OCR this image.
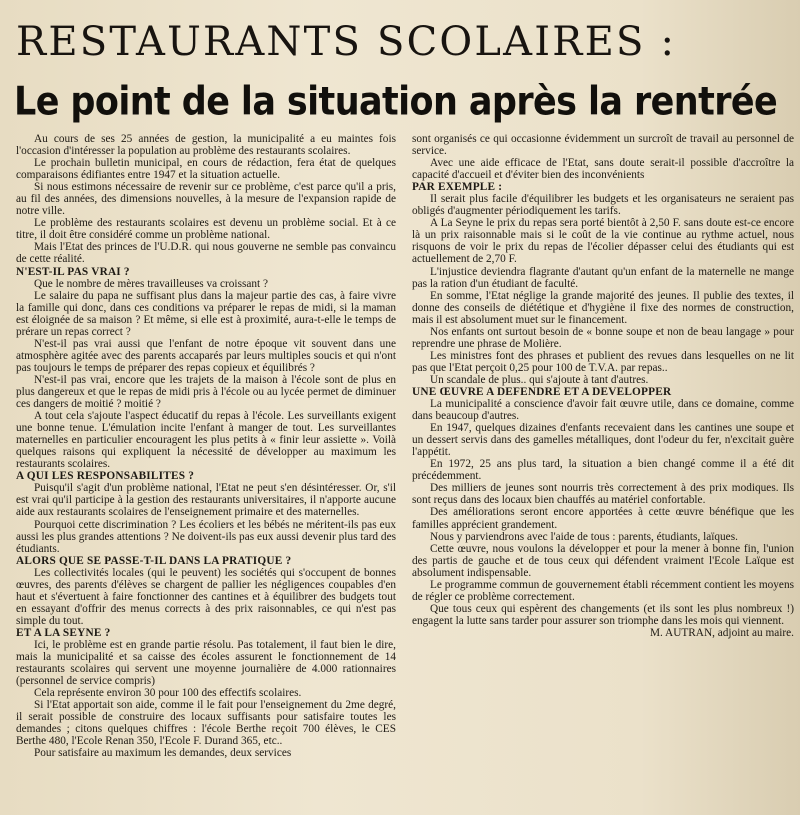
RESTAURANTS SCOLAIRES :
Le point de la situation après la rentrée

Au cours de ses 25 années de gestion, la municipalité a eu maintes fois l'occasion d'intéresser la population au problème des restaurants scolaires.

Le prochain bulletin municipal, en cours de rédaction, fera état de quelques comparaisons édifiantes entre 1947 et la situation actuelle.

Si nous estimons nécessaire de revenir sur ce problème, c'est parce qu'il a pris, au fil des années, des dimensions nouvelles, à la mesure de l'expansion rapide de notre ville.

Le problème des restaurants scolaires est devenu un problème social. Et à ce titre, il doit être considéré comme un problème national.

Mais l'Etat des princes de l'U.D.R. qui nous gouverne ne semble pas convaincu de cette réalité.

N'EST-IL PAS VRAI ?

Que le nombre de mères travailleuses va croissant ?

Le salaire du papa ne suffisant plus dans la majeur partie des cas, à faire vivre la famille qui donc, dans ces conditions va préparer le repas de midi, si la maman est éloignée de sa maison ? Et même, si elle est à proximité, aura-t-elle le temps de prérare un repas correct ?

N'est-il pas vrai aussi que l'enfant de notre époque vit souvent dans une atmosphère agitée avec des parents accaparés par leurs multiples soucis et qui n'ont pas toujours le temps de préparer des repas copieux et équilibrés ?

N'est-il pas vrai, encore que les trajets de la maison à l'école sont de plus en plus dangereux et que le repas de midi pris à l'école ou au lycée permet de diminuer ces dangers de moitié ? moitié ?

A tout cela s'ajoute l'aspect éducatif du repas à l'école. Les surveillants exigent une bonne tenue. L'émulation incite l'enfant à manger de tout. Les surveillantes maternelles en particulier encouragent les plus petits à « finir leur assiette ». Voilà quelques raisons qui expliquent la nécessité de développer au maximum les restaurants scolaires.

A QUI LES RESPONSABILITES ?

Puisqu'il s'agit d'un problème national, l'Etat ne peut s'en désintéresser. Or, s'il est vrai qu'il participe à la gestion des restaurants universitaires, il n'apporte aucune aide aux restaurants scolaires de l'enseignement primaire et des maternelles.

Pourquoi cette discrimination ? Les écoliers et les bébés ne méritent-ils pas eux aussi les plus grandes attentions ? Ne doivent-ils pas eux aussi devenir plus tard des étudiants.

ALORS QUE SE PASSE-T-IL DANS LA PRATIQUE ?

Les collectivités locales (qui le peuvent) les sociétés qui s'occupent de bonnes œuvres, des parents d'élèves se chargent de pallier les négligences coupables d'en haut et s'évertuent à faire fonctionner des cantines et à équilibrer des budgets tout en essayant d'offrir des menus corrects à des prix raisonnables, ce qui n'est pas simple du tout.

ET A LA SEYNE ?

Ici, le problème est en grande partie résolu. Pas totalement, il faut bien le dire, mais la municipalité et sa caisse des écoles assurent le fonctionnement de 14 restaurants scolaires qui servent une moyenne journalière de 4.000 rationnaires (personnel de service compris)

Cela représente environ 30 pour 100 des effectifs scolaires.

Si l'Etat apportait son aide, comme il le fait pour l'enseignement du 2me degré, il serait possible de construire des locaux suffisants pour satisfaire toutes les demandes ; citons quelques chiffres : l'école Berthe reçoit 700 élèves, le CES Berthe 480, l'Ecole Renan 350, l'Ecole F. Durand 365, etc..

Pour satisfaire au maximum les demandes, deux services

sont organisés ce qui occasionne évidemment un surcroît de travail au personnel de service.

Avec une aide efficace de l'Etat, sans doute serait-il possible d'accroître la capacité d'accueil et d'éviter bien des inconvénients

PAR EXEMPLE :

Il serait plus facile d'équilibrer les budgets et les organisateurs ne seraient pas obligés d'augmenter périodiquement les tarifs.

A La Seyne le prix du repas sera porté bientôt à 2,50 F. sans doute est-ce encore là un prix raisonnable mais si le coût de la vie continue au rythme actuel, nous risquons de voir le prix du repas de l'écolier dépasser celui des étudiants qui est actuellement de 2,70 F.

L'injustice deviendra flagrante d'autant qu'un enfant de la maternelle ne mange pas la ration d'un étudiant de faculté.

En somme, l'Etat néglige la grande majorité des jeunes. Il publie des textes, il donne des conseils de diététique et d'hygiène il fixe des normes de construction, mais il est absolument muet sur le financement.

Nos enfants ont surtout besoin de « bonne soupe et non de beau langage » pour reprendre une phrase de Molière.

Les ministres font des phrases et publient des revues dans lesquelles on ne lit pas que l'Etat perçoit 0,25 pour 100 de T.V.A. par repas..

Un scandale de plus.. qui s'ajoute à tant d'autres.

UNE ŒUVRE A DEFENDRE ET A DEVELOPPER

La municipalité a conscience d'avoir fait œuvre utile, dans ce domaine, comme dans beaucoup d'autres.

En 1947, quelques dizaines d'enfants recevaient dans les cantines une soupe et un dessert servis dans des gamelles métalliques, dont l'odeur du fer, n'excitait guère l'appétit.

En 1972, 25 ans plus tard, la situation a bien changé comme il a été dit précédemment.

Des milliers de jeunes sont nourris très correctement à des prix modiques. Ils sont reçus dans des locaux bien chauffés au matériel confortable.

Des améliorations seront encore apportées à cette œuvre bénéfique que les familles apprécient grandement.

Nous y parviendrons avec l'aide de tous : parents, étudiants, laïques.

Cette œuvre, nous voulons la développer et pour la mener à bonne fin, l'union des partis de gauche et de tous ceux qui défendent vraiment l'Ecole Laïque est absolument indispensable.

Le programme commun de gouvernement établi récemment contient les moyens de régler ce problème correctement.

Que tous ceux qui espèrent des changements (et ils sont les plus nombreux !) engagent la lutte sans tarder pour assurer son triomphe dans les mois qui viennent.

M. AUTRAN, adjoint au maire.
